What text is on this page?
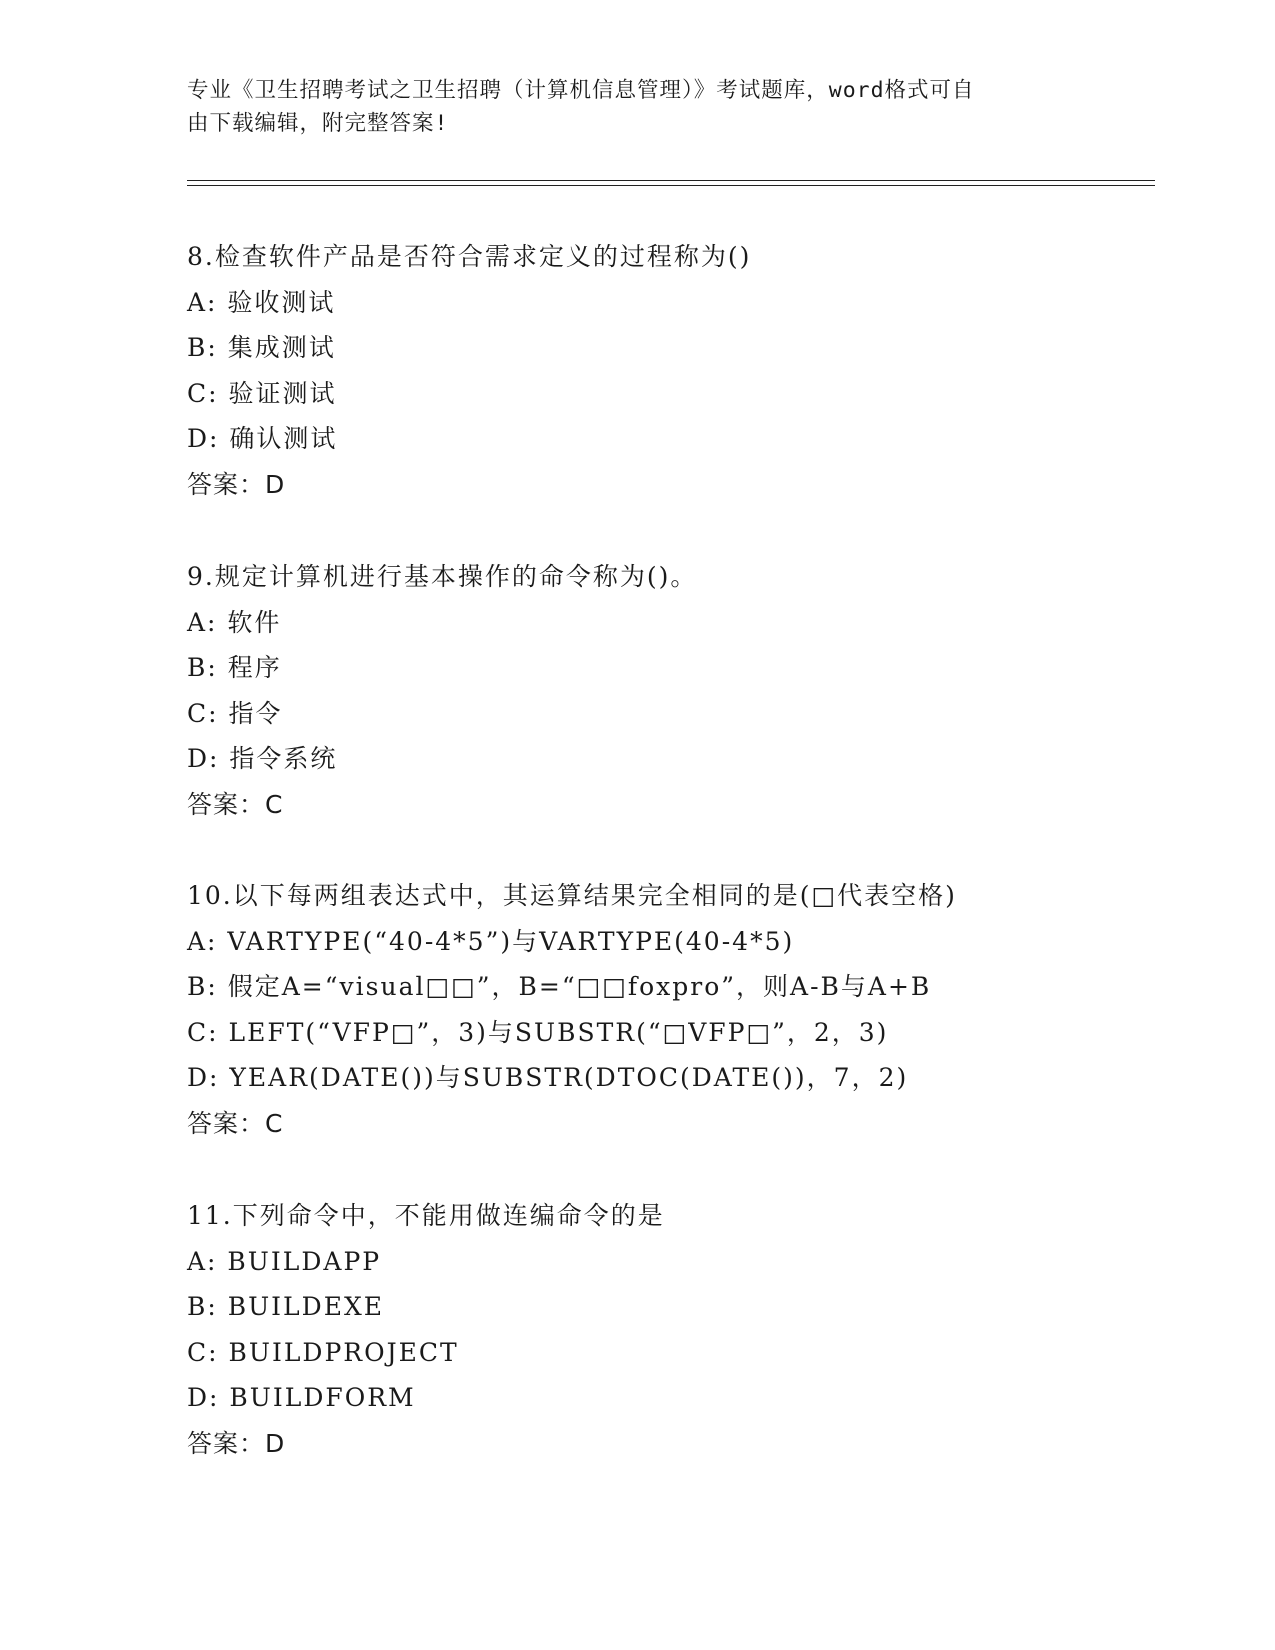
专业《卫生招聘考试之卫生招聘（计算机信息管理）》考试题库，word格式可自
由下载编辑，附完整答案!
8.检查软件产品是否符合需求定义的过程称为()
A: 验收测试
B: 集成测试
C: 验证测试
D: 确认测试
答案：D
9.规定计算机进行基本操作的命令称为()。
A: 软件
B: 程序
C: 指令
D: 指令系统
答案：C
10.以下每两组表达式中，其运算结果完全相同的是(□代表空格)
A: VARTYPE(“40-4*5”)与VARTYPE(40-4*5)
B: 假定A=“visual□□”，B=“□□foxpro”，则A-B与A+B
C: LEFT(“VFP□”，3)与SUBSTR(“□VFP□”，2，3)
D: YEAR(DATE())与SUBSTR(DTOC(DATE())，7，2)
答案：C
11.下列命令中，不能用做连编命令的是
A: BUILDAPP
B: BUILDEXE
C: BUILDPROJECT
D: BUILDFORM
答案：D
